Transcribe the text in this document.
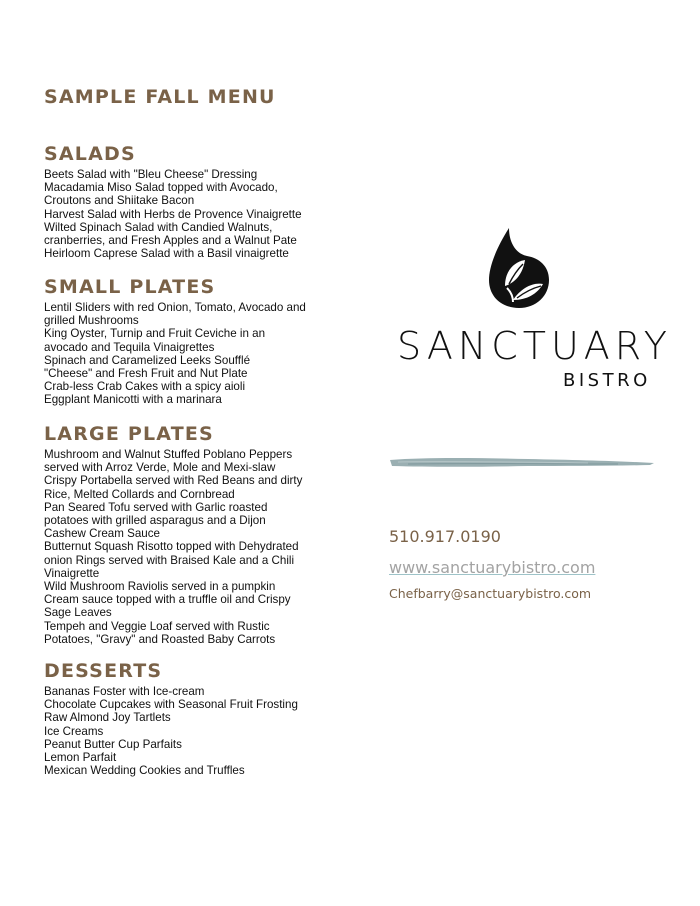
SAMPLE FALL MENU
SALADS
Beets Salad with "Bleu Cheese" Dressing
Macadamia Miso Salad topped with Avocado,
Croutons and Shiitake Bacon
Harvest Salad with Herbs de Provence Vinaigrette
Wilted Spinach Salad with Candied Walnuts,
cranberries, and Fresh Apples and a Walnut Pate
Heirloom Caprese Salad with a Basil vinaigrette
SMALL PLATES
Lentil Sliders with red Onion, Tomato, Avocado and
grilled Mushrooms
King Oyster, Turnip and Fruit Ceviche in an
avocado and Tequila Vinaigrettes
Spinach and Caramelized Leeks Soufflé
"Cheese" and Fresh Fruit and Nut Plate
Crab-less Crab Cakes with a spicy aioli
Eggplant Manicotti with a marinara
LARGE PLATES
Mushroom and Walnut Stuffed Poblano Peppers
served with Arroz Verde, Mole and Mexi-slaw
Crispy Portabella served with Red Beans and dirty
Rice, Melted Collards and Cornbread
Pan Seared Tofu served with Garlic roasted
potatoes with grilled asparagus and a Dijon
Cashew Cream Sauce
Butternut Squash Risotto topped with Dehydrated
onion Rings served with Braised Kale and a Chili
Vinaigrette
Wild Mushroom Raviolis served in a pumpkin
Cream sauce topped with a truffle oil and Crispy
Sage Leaves
Tempeh and Veggie Loaf served with Rustic
Potatoes, "Gravy" and Roasted Baby Carrots
DESSERTS
Bananas Foster with Ice-cream
Chocolate Cupcakes with Seasonal Fruit Frosting
Raw Almond Joy Tartlets
Ice Creams
Peanut Butter Cup Parfaits
Lemon Parfait
Mexican Wedding Cookies and Truffles
SANCTUARY
BISTRO
510.917.0190
www.sanctuarybistro.com
Chefbarry@sanctuarybistro.com
